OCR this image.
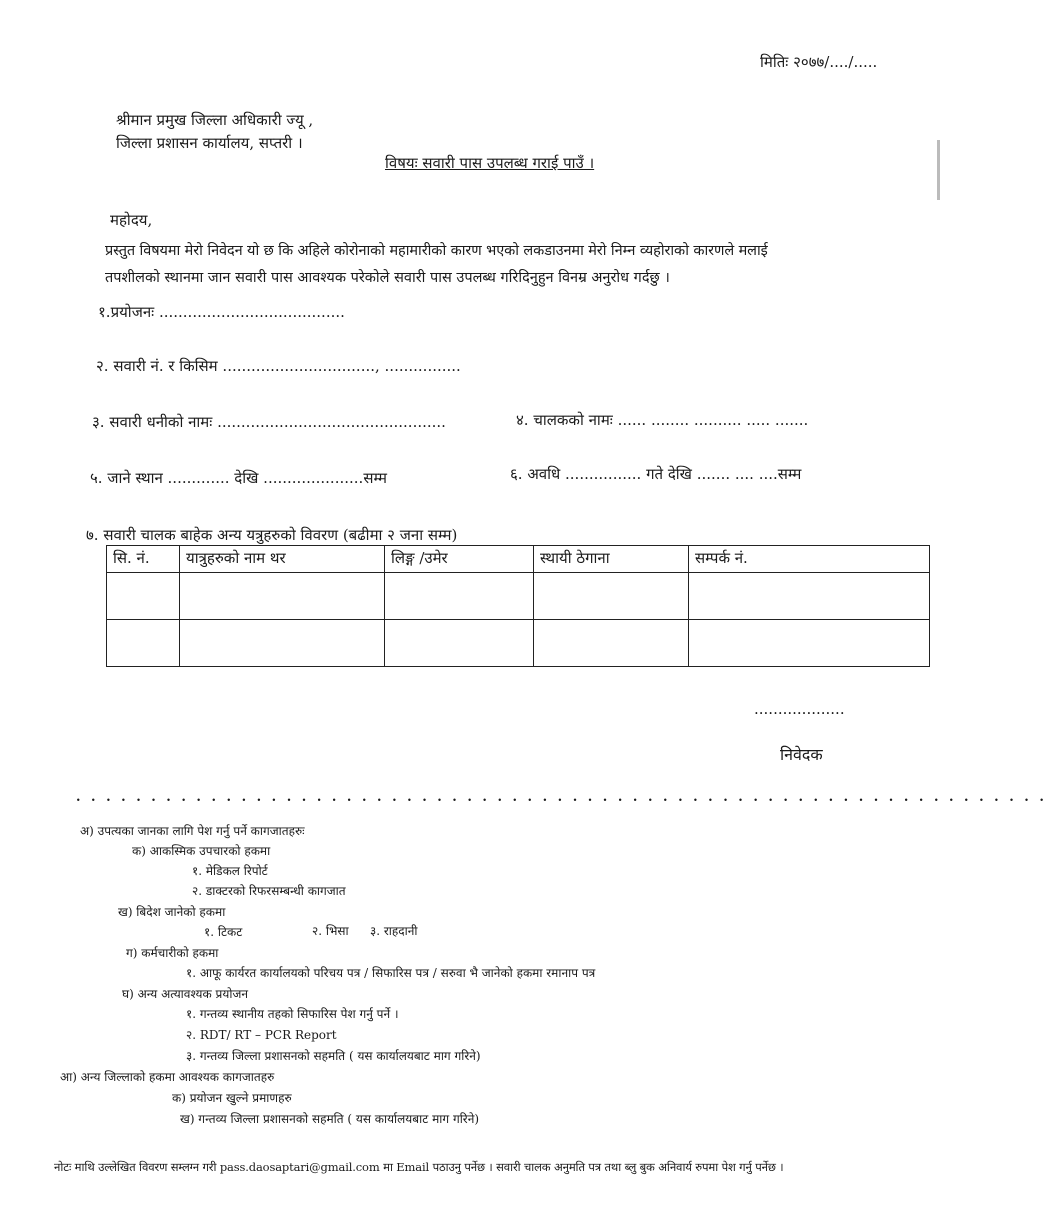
मितिः २०७७/..../.....
श्रीमान प्रमुख जिल्ला अधिकारी ज्यू ,
जिल्ला प्रशासन कार्यालय, सप्तरी ।
विषयः सवारी पास उपलब्ध गराई पाउँ ।
महोदय,
प्रस्तुत विषयमा मेरो निवेदन यो छ कि अहिले कोरोनाको महामारीको कारण भएको लकडाउनमा मेरो निम्न व्यहोराको कारणले मलाई
तपशीलको स्थानमा जान सवारी पास आवश्यक परेकोले सवारी पास उपलब्ध गरिदिनुहुन विनम्र अनुरोध गर्दछु ।
१.प्रयोजनः .......................................
२. सवारी नं. र किसिम ................................, ................
३. सवारी धनीको नामः ................................................	४. चालकको नामः ...... ........ .......... ..... .......
५. जाने स्थान ............. देखि .....................सम्म	६. अवधि ................ गते देखि ....... .... ....सम्म
७. सवारी चालक बाहेक अन्य यत्रुहरुको विवरण (बढीमा २ जना सम्म)
सि. नं.	यात्रुहरुको नाम थर	लिङ्ग /उमेर	स्थायी ठेगाना	सम्पर्क नं.

...................
निवेदक
. . . . . . . . . . . . . . . . . . . . . . . . . . . . . . . . . . . . . . . . . . . . . . . . . . . . . . . . . . . . . . . . .
अ) उपत्यका जानका लागि पेश गर्नु पर्ने कागजातहरुः
क) आकस्मिक उपचारको हकमा
१. मेडिकल रिपोर्ट
२. डाक्टरको रिफरसम्बन्धी कागजात
ख) बिदेश जानेको हकमा
१. टिकट	२. भिसा ३. राहदानी
ग) कर्मचारीको हकमा
१. आफू कार्यरत कार्यालयको परिचय पत्र / सिफारिस पत्र / सरुवा भै जानेको हकमा रमानाप पत्र
घ) अन्य अत्यावश्यक प्रयोजन
१. गन्तव्य स्थानीय तहको सिफारिस पेश गर्नु पर्ने ।
२. RDT/ RT – PCR Report
३. गन्तव्य जिल्ला प्रशासनको सहमति ( यस कार्यालयबाट माग गरिने)
आ) अन्य जिल्लाको हकमा आवश्यक कागजातहरु
क) प्रयोजन खुल्ने प्रमाणहरु
ख) गन्तव्य जिल्ला प्रशासनको सहमति ( यस कार्यालयबाट माग गरिने)
नोटः माथि उल्लेखित विवरण सम्लग्न गरी pass.daosaptari@gmail.com मा Email पठाउनु पर्नेछ । सवारी चालक अनुमति पत्र तथा ब्लु बुक अनिवार्य रुपमा पेश गर्नु पर्नेछ ।
